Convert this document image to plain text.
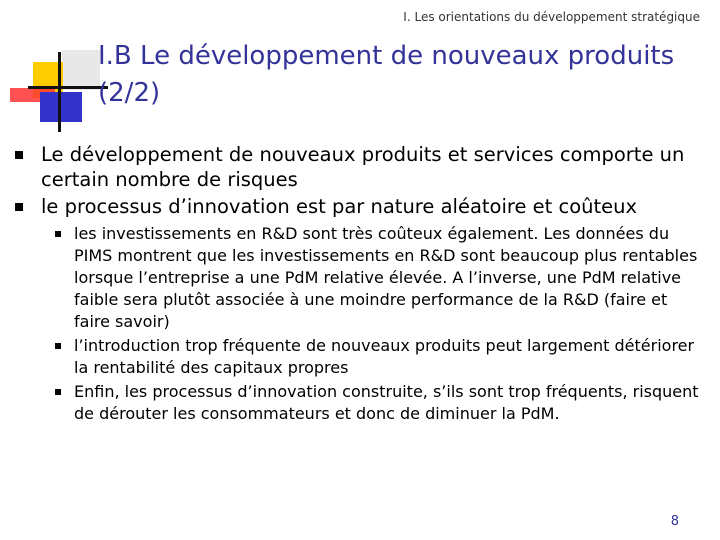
I. Les orientations du développement stratégique
I.B Le développement de nouveaux produits (2/2)
Le développement de nouveaux produits et services comporte un certain nombre de risques
le processus d’innovation est par nature aléatoire et coûteux
les investissements en R&D sont très coûteux également. Les données du PIMS montrent que les investissements en R&D sont beaucoup plus rentables lorsque l’entreprise a une PdM relative élevée. A l’inverse, une PdM relative faible sera plutôt associée à une moindre performance de la R&D (faire et faire savoir)
l’introduction trop fréquente de nouveaux produits peut largement détériorer la rentabilité des capitaux propres
Enfin, les processus d’innovation construite, s’ils sont trop fréquents, risquent de dérouter les consommateurs et donc de diminuer la PdM.
8
